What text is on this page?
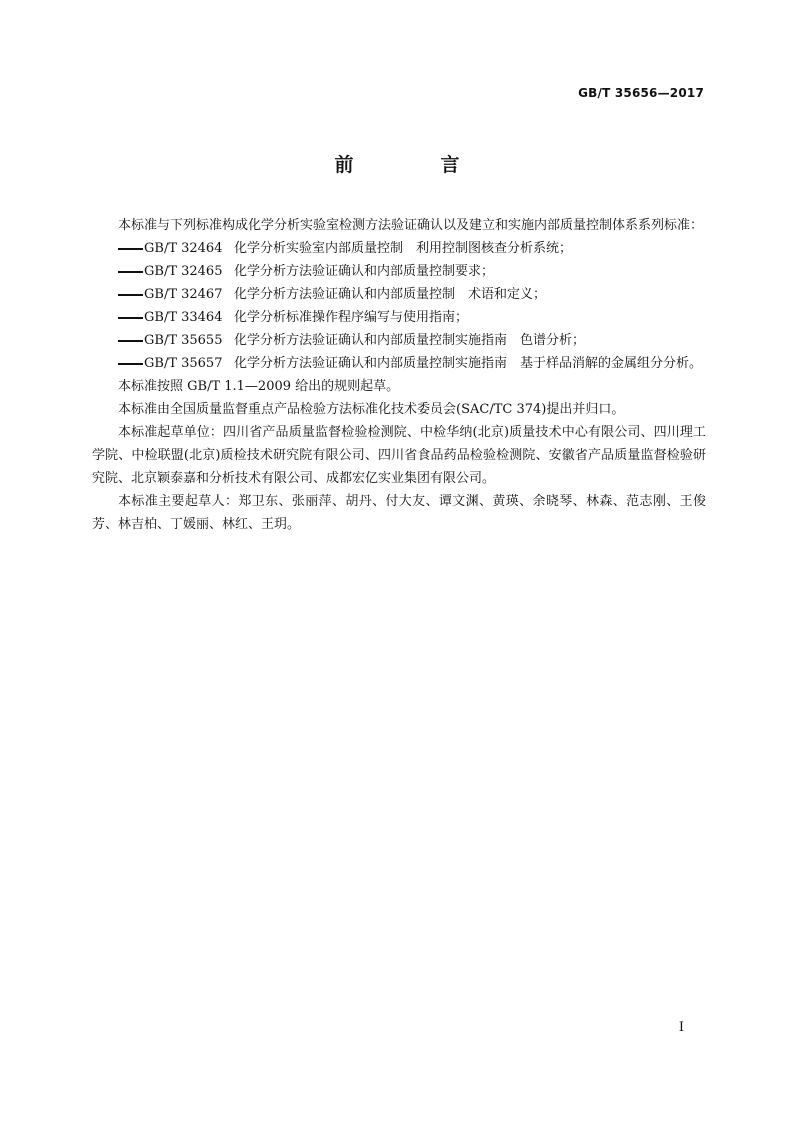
GB/T 35656—2017
前　言

本标准与下列标准构成化学分析实验室检测方法验证确认以及建立和实施内部质量控制体系系列标准：

GB/T 32464 化学分析实验室内部质量控制　利用控制图核查分析系统；
GB/T 32465 化学分析方法验证确认和内部质量控制要求；
GB/T 32467 化学分析方法验证确认和内部质量控制　术语和定义；
GB/T 33464 化学分析标准操作程序编写与使用指南；
GB/T 35655 化学分析方法验证确认和内部质量控制实施指南　色谱分析；
GB/T 35657 化学分析方法验证确认和内部质量控制实施指南　基于样品消解的金属组分分析。

本标准按照 GB/T 1.1—2009 给出的规则起草。

本标准由全国质量监督重点产品检验方法标准化技术委员会(SAC/TC 374)提出并归口。

本标准起草单位：四川省产品质量监督检验检测院、中检华纳(北京)质量技术中心有限公司、四川理工学院、中检联盟(北京)质检技术研究院有限公司、四川省食品药品检验检测院、安徽省产品质量监督检验研究院、北京颖泰嘉和分析技术有限公司、成都宏亿实业集团有限公司。

本标准主要起草人：郑卫东、张丽萍、胡丹、付大友、谭文渊、黄瑛、余晓琴、林森、范志刚、王俊芳、林吉柏、丁媛丽、林红、王玥。

I
